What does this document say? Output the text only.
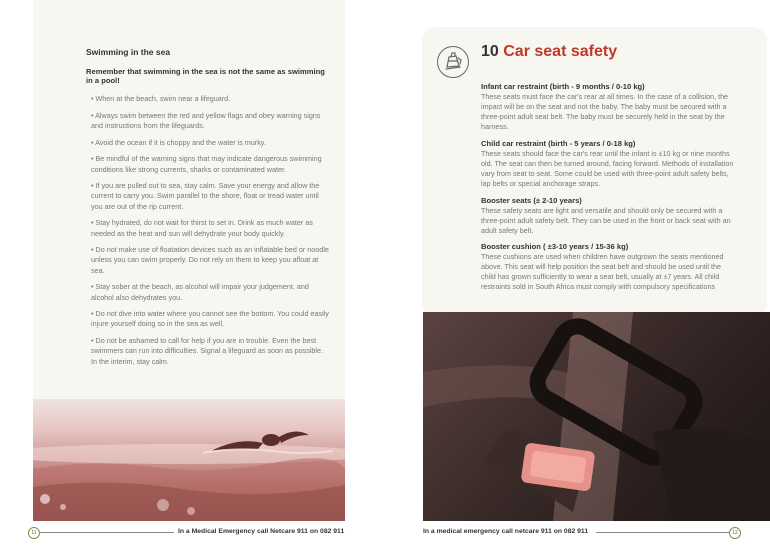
Swimming in the sea
Remember that swimming in the sea is not the same as swimming in a pool!
• When at the beach, swim near a lifeguard.
• Always swim between the red and yellow flags and obey warning signs and instructions from the lifeguards.
• Avoid the ocean if it is choppy and the water is murky.
• Be mindful of the warning signs that may indicate dangerous swimming conditions like strong currents, sharks or contaminated water.
• If you are pulled out to sea, stay calm. Save your energy and allow the current to carry you. Swim parallel to the shore, float or tread water until you are out of the rip current.
• Stay hydrated, do not wait for thirst to set in. Drink as much water as needed as the heat and sun will dehydrate your body quickly.
• Do not make use of floatation devices such as an inflatable bed or noodle unless you can swim properly. Do not rely on them to keep you afloat at sea.
• Stay sober at the beach, as alcohol will impair your judgement, and alcohol also dehydrates you.
• Do not dive into water where you cannot see the bottom. You could easily injure yourself doing so in the sea as well.
• Do not be ashamed to call for help if you are in trouble. Even the best swimmers can run into difficulties. Signal a lifeguard as soon as possible. In the interim, stay calm.
11	In a Medical Emergency call Netcare 911 on 082 911
10 Car seat safety
Infant car restraint (birth - 9 months / 0-10 kg)

These seats must face the car's rear at all times. In the case of a collision, the impact will be on the seat and not the baby. The baby must be secured with a three-point adult seat belt. The baby must be securely held in the seat by the harness.

Child car restraint (birth - 5 years / 0-18 kg)

These seats should face the car's rear until the infant is ±10 kg or nine months old. The seat can then be turned around, facing forward. Methods of installation vary from seat to seat. Some could be used with three-point adult safety belts, lap belts or special anchorage straps.

Booster seats (± 2-10 years)

These safety seats are light and versatile and should only be secured with a three-point adult safety belt. They can be used in the front or back seat with an adult safety belt.

Booster cushion ( ±3-10 years / 15-36 kg)

These cushions are used when children have outgrown the seats mentioned above. This seat will help position the seat belt and should be used until the child has grown sufficiently to wear a seat belt, usually at ±7 years. All child restraints sold in South Africa must comply with compulsory specifications

In a medical emergency call netcare 911 on 082 911	12
